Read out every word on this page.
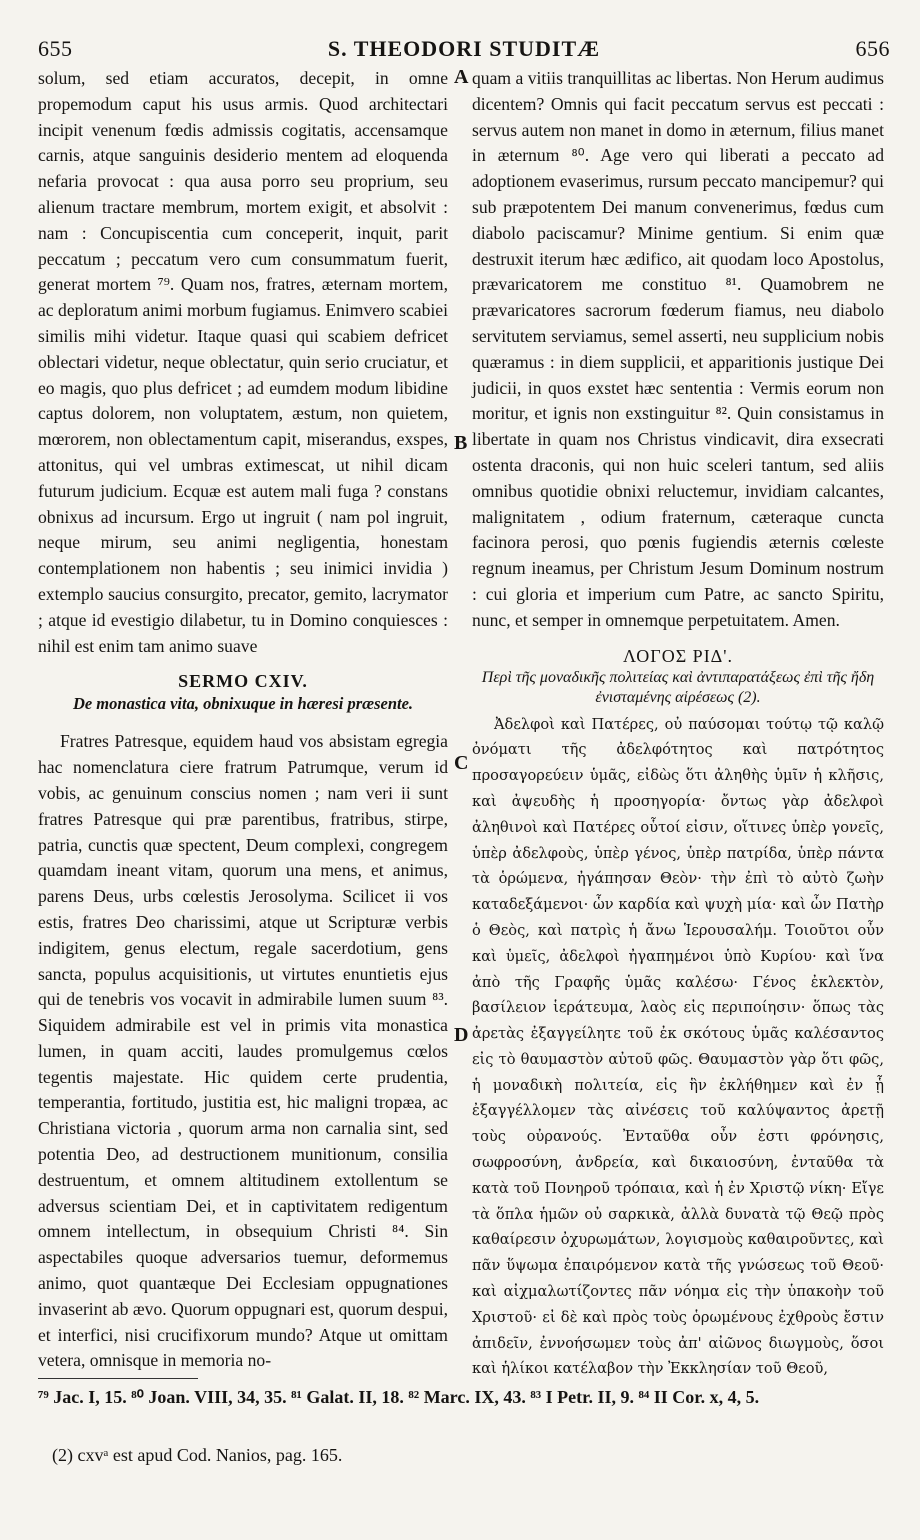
655	S. THEODORI STUDITÆ	656
A
B
C
D

solum, sed etiam accuratos, decepit, in omne propemodum caput his usus armis. Quod architectari incipit venenum fœdis admissis cogitatis, accensamque carnis, atque sanguinis desiderio mentem ad eloquenda nefaria provocat : qua ausa porro seu proprium, seu alienum tractare membrum, mortem exigit, et absolvit : nam : Concupiscentia cum conceperit, inquit, parit peccatum ; peccatum vero cum consummatum fuerit, generat mortem ⁷⁹. Quam nos, fratres, æternam mortem, ac deploratum animi morbum fugiamus. Enimvero scabiei similis mihi videtur. Itaque quasi qui scabiem defricet oblectari videtur, neque oblectatur, quin serio cruciatur, et eo magis, quo plus defricet ; ad eumdem modum libidine captus dolorem, non voluptatem, æstum, non quietem, mœrorem, non oblectamentum capit, miserandus, exspes, attonitus, qui vel umbras extimescat, ut nihil dicam futurum judicium. Ecquæ est autem mali fuga ? constans obnixus ad incursum. Ergo ut ingruit ( nam pol ingruit, neque mirum, seu animi negligentia, honestam contemplationem non habentis ; seu inimici invidia ) extemplo saucius consurgito, precator, gemito, lacrymator ; atque id evestigio dilabetur, tu in Domino conquiesces : nihil est enim tam animo suave

SERMO CXIV.
De monastica vita, obnixuque in hæresi præsente.

Fratres Patresque, equidem haud vos absistam egregia hac nomenclatura ciere fratrum Patrumque, verum id vobis, ac genuinum conscius nomen ; nam veri ii sunt fratres Patresque qui præ parentibus, fratribus, stirpe, patria, cunctis quæ spectent, Deum complexi, congregem quamdam ineant vitam, quorum una mens, et animus, parens Deus, urbs cœlestis Jerosolyma. Scilicet ii vos estis, fratres Deo charissimi, atque ut Scripturæ verbis indigitem, genus electum, regale sacerdotium, gens sancta, populus acquisitionis, ut virtutes enuntietis ejus qui de tenebris vos vocavit in admirabile lumen suum ⁸³. Siquidem admirabile est vel in primis vita monastica lumen, in quam acciti, laudes promulgemus cœlos tegentis majestate. Hic quidem certe prudentia, temperantia, fortitudo, justitia est, hic maligni tropæa, ac Christiana victoria , quorum arma non carnalia sint, sed potentia Deo, ad destructionem munitionum, consilia destruentum, et omnem altitudinem extollentum se adversus scientiam Dei, et in captivitatem redigentum omnem intellectum, in obsequium Christi ⁸⁴. Sin aspectabiles quoque adversarios tuemur, deformemus animo, quot quantæque Dei Ecclesiam oppugnationes invaserint ab ævo. Quorum oppugnari est, quorum despui, et interfici, nisi crucifixorum mundo? Atque ut omittam vetera, omnisque in memoria no-

quam a vitiis tranquillitas ac libertas. Non Herum audimus dicentem? Omnis qui facit peccatum servus est peccati : servus autem non manet in domo in æternum, filius manet in æternum ⁸⁰. Age vero qui liberati a peccato ad adoptionem evaserimus, rursum peccato mancipemur? qui sub præpotentem Dei manum convenerimus, fœdus cum diabolo paciscamur? Minime gentium. Si enim quæ destruxit iterum hæc ædifico, ait quodam loco Apostolus, prævaricatorem me constituo ⁸¹. Quamobrem ne prævaricatores sacrorum fœderum fiamus, neu diabolo servitutem serviamus, semel asserti, neu supplicium nobis quæramus : in diem supplicii, et apparitionis justique Dei judicii, in quos exstet hæc sententia : Vermis eorum non moritur, et ignis non exstinguitur ⁸². Quin consistamus in libertate in quam nos Christus vindicavit, dira exsecrati ostenta draconis, qui non huic sceleri tantum, sed aliis omnibus quotidie obnixi reluctemur, invidiam calcantes, malignitatem , odium fraternum, cæteraque cuncta facinora perosi, quo pœnis fugiendis æternis cœleste regnum ineamus, per Christum Jesum Dominum nostrum : cui gloria et imperium cum Patre, ac sancto Spiritu, nunc, et semper in omnemque perpetuitatem. Amen.

ΛΟΓΟΣ ΡΙΔ'.
Περὶ τῆς μοναδικῆς πολιτείας καὶ ἀντιπαρατάξεως ἐπὶ τῆς ἤδη ἐνισταμένης αἱρέσεως (2).

Ἀδελφοὶ καὶ Πατέρες, οὐ παύσομαι τούτῳ τῷ καλῷ ὀνόματι τῆς ἀδελφότητος καὶ πατρότητος προσαγορεύειν ὑμᾶς, εἰδὼς ὅτι ἀληθὴς ὑμῖν ἡ κλῆσις, καὶ ἀψευδὴς ἡ προσηγορία· ὄντως γὰρ ἀδελφοὶ ἀληθινοὶ καὶ Πατέρες οὗτοί εἰσιν, οἵτινες ὑπὲρ γονεῖς, ὑπὲρ ἀδελφοὺς, ὑπὲρ γένος, ὑπὲρ πατρίδα, ὑπὲρ πάντα τὰ ὁρώμενα, ἠγάπησαν Θεὸν· τὴν ἐπὶ τὸ αὐτὸ ζωὴν καταδεξάμενοι· ὧν καρδία καὶ ψυχὴ μία· καὶ ὧν Πατὴρ ὁ Θεὸς, καὶ πατρὶς ἡ ἄνω Ἱερουσαλήμ. Τοιοῦτοι οὖν καὶ ὑμεῖς, ἀδελφοὶ ἠγαπημένοι ὑπὸ Κυρίου· καὶ ἵνα ἀπὸ τῆς Γραφῆς ὑμᾶς καλέσω· Γένος ἐκλεκτὸν, βασίλειον ἱεράτευμα, λαὸς εἰς περιποίησιν· ὅπως τὰς ἀρετὰς ἐξαγγείλητε τοῦ ἐκ σκότους ὑμᾶς καλέσαντος εἰς τὸ θαυμαστὸν αὐτοῦ φῶς. Θαυμαστὸν γὰρ ὅτι φῶς, ἡ μοναδικὴ πολιτεία, εἰς ἣν ἐκλήθημεν καὶ ἐν ᾗ ἐξαγγέλλομεν τὰς αἰνέσεις τοῦ καλύψαντος ἀρετῇ τοὺς οὐρανούς. Ἐνταῦθα οὖν ἐστι φρόνησις, σωφροσύνη, ἀνδρεία, καὶ δικαιοσύνη, ἐνταῦθα τὰ κατὰ τοῦ Πονηροῦ τρόπαια, καὶ ἡ ἐν Χριστῷ νίκη· Εἴγε τὰ ὅπλα ἡμῶν οὐ σαρκικὰ, ἀλλὰ δυνατὰ τῷ Θεῷ πρὸς καθαίρεσιν ὀχυρωμάτων, λογισμοὺς καθαιροῦντες, καὶ πᾶν ὕψωμα ἐπαιρόμενον κατὰ τῆς γνώσεως τοῦ Θεοῦ· καὶ αἰχμαλωτίζοντες πᾶν νόημα εἰς τὴν ὑπακοὴν τοῦ Χριστοῦ· εἰ δὲ καὶ πρὸς τοὺς ὁρωμένους ἐχθροὺς ἔστιν ἀπιδεῖν, ἐννοήσωμεν τοὺς ἀπ' αἰῶνος διωγμοὺς, ὅσοι καὶ ἡλίκοι κατέλαβον τὴν Ἐκκλησίαν τοῦ Θεοῦ,

⁷⁹ Jac. I, 15. ⁸⁰ Joan. VIII, 34, 35. ⁸¹ Galat. II, 18. ⁸² Marc. IX, 43. ⁸³ I Petr. II, 9. ⁸⁴ II Cor. x, 4, 5.
(2) cxvᵃ est apud Cod. Nanios, pag. 165.
